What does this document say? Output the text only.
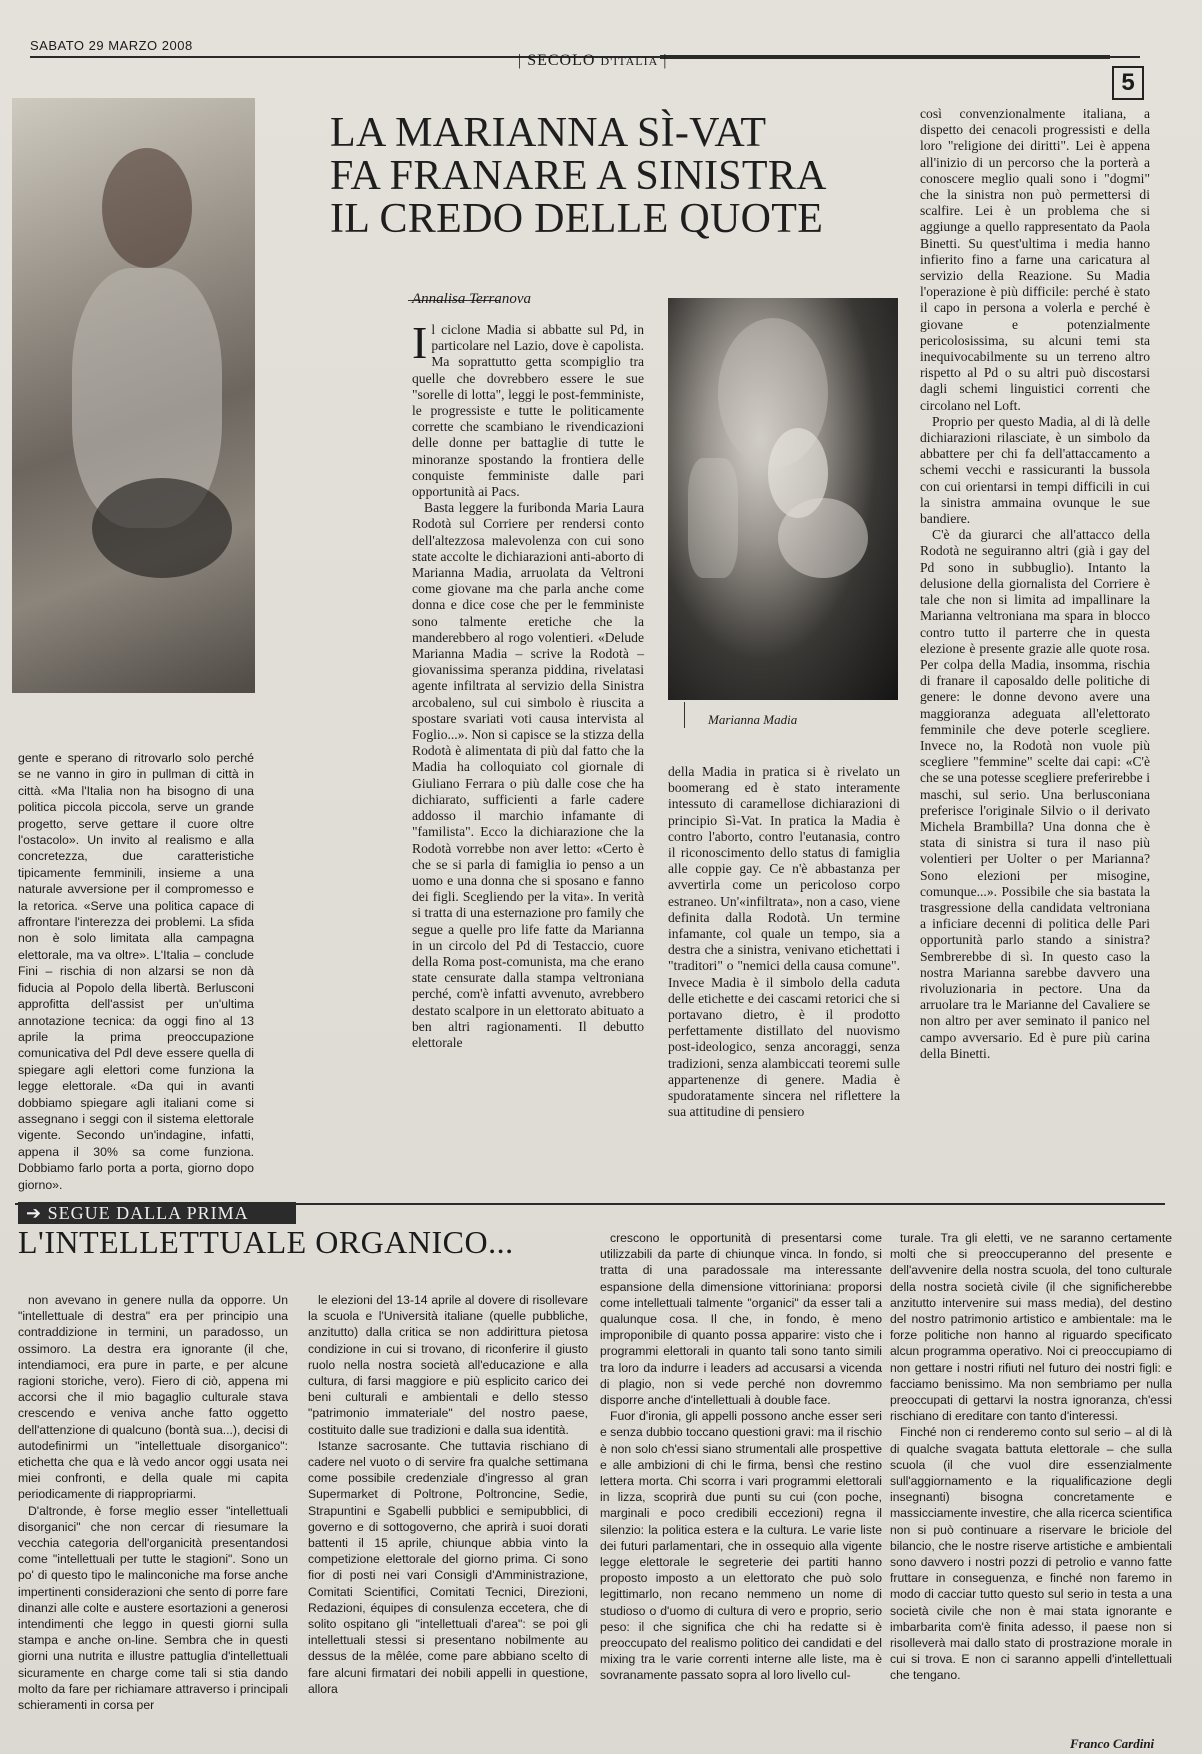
SABATO 29 MARZO 2008
| SECOLO D'ITALIA |
5
Marianna Madia
LA MARIANNA SÌ-VAT
FA FRANARE A SINISTRA
IL CREDO DELLE QUOTE
Annalisa Terranova

gente e sperano di ritrovarlo solo perché se ne vanno in giro in pullman di città in città. «Ma l'Italia non ha bisogno di una politica piccola piccola, serve un grande progetto, serve gettare il cuore oltre l'ostacolo». Un invito al realismo e alla concretezza, due caratteristiche tipicamente femminili, insieme a una naturale avversione per il compromesso e la retorica. «Serve una politica capace di affrontare l'interezza dei problemi. La sfida non è solo limitata alla campagna elettorale, ma va oltre». L'Italia – conclude Fini – rischia di non alzarsi se non dà fiducia al Popolo della libertà. Berlusconi approfitta dell'assist per un'ultima annotazione tecnica: da oggi fino al 13 aprile la prima preoccupazione comunicativa del Pdl deve essere quella di spiegare agli elettori come funziona la legge elettorale. «Da qui in avanti dobbiamo spiegare agli italiani come si assegnano i seggi con il sistema elettorale vigente. Secondo un'indagine, infatti, appena il 30% sa come funziona. Dobbiamo farlo porta a porta, giorno dopo giorno».

Il ciclone Madia si abbatte sul Pd, in particolare nel Lazio, dove è capolista. Ma soprattutto getta scompiglio tra quelle che dovrebbero essere le sue "sorelle di lotta", leggi le post-femministe, le progressiste e tutte le politicamente corrette che scambiano le rivendicazioni delle donne per battaglie di tutte le minoranze spostando la frontiera delle conquiste femministe dalle pari opportunità ai Pacs.

Basta leggere la furibonda Maria Laura Rodotà sul Corriere per rendersi conto dell'altezzosa malevolenza con cui sono state accolte le dichiarazioni anti-aborto di Marianna Madia, arruolata da Veltroni come giovane ma che parla anche come donna e dice cose che per le femministe sono talmente eretiche che la manderebbero al rogo volentieri. «Delude Marianna Madia – scrive la Rodotà – giovanissima speranza piddina, rivelatasi agente infiltrata al servizio della Sinistra arcobaleno, sul cui simbolo è riuscita a spostare svariati voti causa intervista al Foglio...». Non si capisce se la stizza della Rodotà è alimentata di più dal fatto che la Madia ha colloquiato col giornale di Giuliano Ferrara o più dalle cose che ha dichiarato, sufficienti a farle cadere addosso il marchio infamante di "familista". Ecco la dichiarazione che la Rodotà vorrebbe non aver letto: «Certo è che se si parla di famiglia io penso a un uomo e una donna che si sposano e fanno dei figli. Scegliendo per la vita». In verità si tratta di una esternazione pro family che segue a quelle pro life fatte da Marianna in un circolo del Pd di Testaccio, cuore della Roma post-comunista, ma che erano state censurate dalla stampa veltroniana perché, com'è infatti avvenuto, avrebbero destato scalpore in un elettorato abituato a ben altri ragionamenti. Il debutto elettorale

della Madia in pratica si è rivelato un boomerang ed è stato interamente intessuto di caramellose dichiarazioni di principio Sì-Vat. In pratica la Madia è contro l'aborto, contro l'eutanasia, contro il riconoscimento dello status di famiglia alle coppie gay. Ce n'è abbastanza per avvertirla come un pericoloso corpo estraneo. Un'«infiltrata», non a caso, viene definita dalla Rodotà. Un termine infamante, col quale un tempo, sia a destra che a sinistra, venivano etichettati i "traditori" o "nemici della causa comune". Invece Madia è il simbolo della caduta delle etichette e dei cascami retorici che si portavano dietro, è il prodotto perfettamente distillato del nuovismo post-ideologico, senza ancoraggi, senza tradizioni, senza alambiccati teoremi sulle appartenenze di genere. Madia è spudoratamente sincera nel riflettere la sua attitudine di pensiero

così convenzionalmente italiana, a dispetto dei cenacoli progressisti e della loro "religione dei diritti". Lei è appena all'inizio di un percorso che la porterà a conoscere meglio quali sono i "dogmi" che la sinistra non può permettersi di scalfire. Lei è un problema che si aggiunge a quello rappresentato da Paola Binetti. Su quest'ultima i media hanno infierito fino a farne una caricatura al servizio della Reazione. Su Madia l'operazione è più difficile: perché è stato il capo in persona a volerla e perché è giovane e potenzialmente pericolosissima, su alcuni temi sta inequivocabilmente su un terreno altro rispetto al Pd o su altri può discostarsi dagli schemi linguistici correnti che circolano nel Loft.

Proprio per questo Madia, al di là delle dichiarazioni rilasciate, è un simbolo da abbattere per chi fa dell'attaccamento a schemi vecchi e rassicuranti la bussola con cui orientarsi in tempi difficili in cui la sinistra ammaina ovunque le sue bandiere.

C'è da giurarci che all'attacco della Rodotà ne seguiranno altri (già i gay del Pd sono in subbuglio). Intanto la delusione della giornalista del Corriere è tale che non si limita ad impallinare la Marianna veltroniana ma spara in blocco contro tutto il parterre che in questa elezione è presente grazie alle quote rosa. Per colpa della Madia, insomma, rischia di franare il caposaldo delle politiche di genere: le donne devono avere una maggioranza adeguata all'elettorato femminile che deve poterle scegliere. Invece no, la Rodotà non vuole più scegliere "femmine" scelte dai capi: «C'è che se una potesse scegliere preferirebbe i maschi, sul serio. Una berlusconiana preferisce l'originale Silvio o il derivato Michela Brambilla? Una donna che è stata di sinistra si tura il naso più volentieri per Uolter o per Marianna? Sono elezioni per misogine, comunque...». Possibile che sia bastata la trasgressione della candidata veltroniana a inficiare decenni di politica delle Pari opportunità parlo stando a sinistra? Sembrerebbe di sì. In questo caso la nostra Marianna sarebbe davvero una rivoluzionaria in pectore. Una da arruolare tra le Marianne del Cavaliere se non altro per aver seminato il panico nel campo avversario. Ed è pure più carina della Binetti.

➔ SEGUE DALLA PRIMA
L'INTELLETTUALE ORGANICO...

non avevano in genere nulla da opporre. Un "intellettuale di destra" era per principio una contraddizione in termini, un paradosso, un ossimoro. La destra era ignorante (il che, intendiamoci, era pure in parte, e per alcune ragioni storiche, vero). Fiero di ciò, appena mi accorsi che il mio bagaglio culturale stava crescendo e veniva anche fatto oggetto dell'attenzione di qualcuno (bontà sua...), decisi di autodefinirmi un "intellettuale disorganico": etichetta che qua e là vedo ancor oggi usata nei miei confronti, e della quale mi capita periodicamente di riappropriarmi.

D'altronde, è forse meglio esser "intellettuali disorganici" che non cercar di riesumare la vecchia categoria dell'organicità presentandosi come "intellettuali per tutte le stagioni". Sono un po' di questo tipo le malinconiche ma forse anche impertinenti considerazioni che sento di porre fare dinanzi alle colte e austere esortazioni a generosi intendimenti che leggo in questi giorni sulla stampa e anche on-line. Sembra che in questi giorni una nutrita e illustre pattuglia d'intellettuali sicuramente en charge come tali si stia dando molto da fare per richiamare attraverso i principali schieramenti in corsa per

le elezioni del 13-14 aprile al dovere di risollevare la scuola e l'Università italiane (quelle pubbliche, anzitutto) dalla critica se non addirittura pietosa condizione in cui si trovano, di riconferire il giusto ruolo nella nostra società all'educazione e alla cultura, di farsi maggiore e più esplicito carico dei beni culturali e ambientali e dello stesso "patrimonio immateriale" del nostro paese, costituito dalle sue tradizioni e dalla sua identità.

Istanze sacrosante. Che tuttavia rischiano di cadere nel vuoto o di servire fra qualche settimana come possibile credenziale d'ingresso al gran Supermarket di Poltrone, Poltroncine, Sedie, Strapuntini e Sgabelli pubblici e semipubblici, di governo e di sottogoverno, che aprirà i suoi dorati battenti il 15 aprile, chiunque abbia vinto la competizione elettorale del giorno prima. Ci sono fior di posti nei vari Consigli d'Amministrazione, Comitati Scientifici, Comitati Tecnici, Direzioni, Redazioni, équipes di consulenza eccetera, che di solito ospitano gli "intellettuali d'area": se poi gli intellettuali stessi si presentano nobilmente au dessus de la mêlée, come pare abbiano scelto di fare alcuni firmatari dei nobili appelli in questione, allora

crescono le opportunità di presentarsi come utilizzabili da parte di chiunque vinca. In fondo, si tratta di una paradossale ma interessante espansione della dimensione vittoriniana: proporsi come intellettuali talmente "organici" da esser tali a qualunque cosa. Il che, in fondo, è meno improponibile di quanto possa apparire: visto che i programmi elettorali in quanto tali sono tanto simili tra loro da indurre i leaders ad accusarsi a vicenda di plagio, non si vede perché non dovremmo disporre anche d'intellettuali à double face.

Fuor d'ironia, gli appelli possono anche esser seri e senza dubbio toccano questioni gravi: ma il rischio è non solo ch'essi siano strumentali alle prospettive e alle ambizioni di chi le firma, bensì che restino lettera morta. Chi scorra i vari programmi elettorali in lizza, scoprirà due punti su cui (con poche, marginali e poco credibili eccezioni) regna il silenzio: la politica estera e la cultura. Le varie liste dei futuri parlamentari, che in ossequio alla vigente legge elettorale le segreterie dei partiti hanno proposto imposto a un elettorato che può solo legittimarlo, non recano nemmeno un nome di studioso o d'uomo di cultura di vero e proprio, serio peso: il che significa che chi ha redatte si è preoccupato del realismo politico dei candidati e del mixing tra le varie correnti interne alle liste, ma è sovranamente passato sopra al loro livello cul-

turale. Tra gli eletti, ve ne saranno certamente molti che si preoccuperanno del presente e dell'avvenire della nostra scuola, del tono culturale della nostra società civile (il che significherebbe anzitutto intervenire sui mass media), del destino del nostro patrimonio artistico e ambientale: ma le forze politiche non hanno al riguardo specificato alcun programma operativo. Noi ci preoccupiamo di non gettare i nostri rifiuti nel futuro dei nostri figli: e facciamo benissimo. Ma non sembriamo per nulla preoccupati di gettarvi la nostra ignoranza, ch'essi rischiano di ereditare con tanto d'interessi.

Finché non ci renderemo conto sul serio – al di là di qualche svagata battuta elettorale – che sulla scuola (il che vuol dire essenzialmente sull'aggiornamento e la riqualificazione degli insegnanti) bisogna concretamente e massicciamente investire, che alla ricerca scientifica non si può continuare a riservare le briciole del bilancio, che le nostre riserve artistiche e ambientali sono davvero i nostri pozzi di petrolio e vanno fatte fruttare in conseguenza, e finché non faremo in modo di cacciar tutto questo sul serio in testa a una società civile che non è mai stata ignorante e imbarbarita com'è finita adesso, il paese non si risolleverà mai dallo stato di prostrazione morale in cui si trova. E non ci saranno appelli d'intellettuali che tengano.

Franco Cardini
